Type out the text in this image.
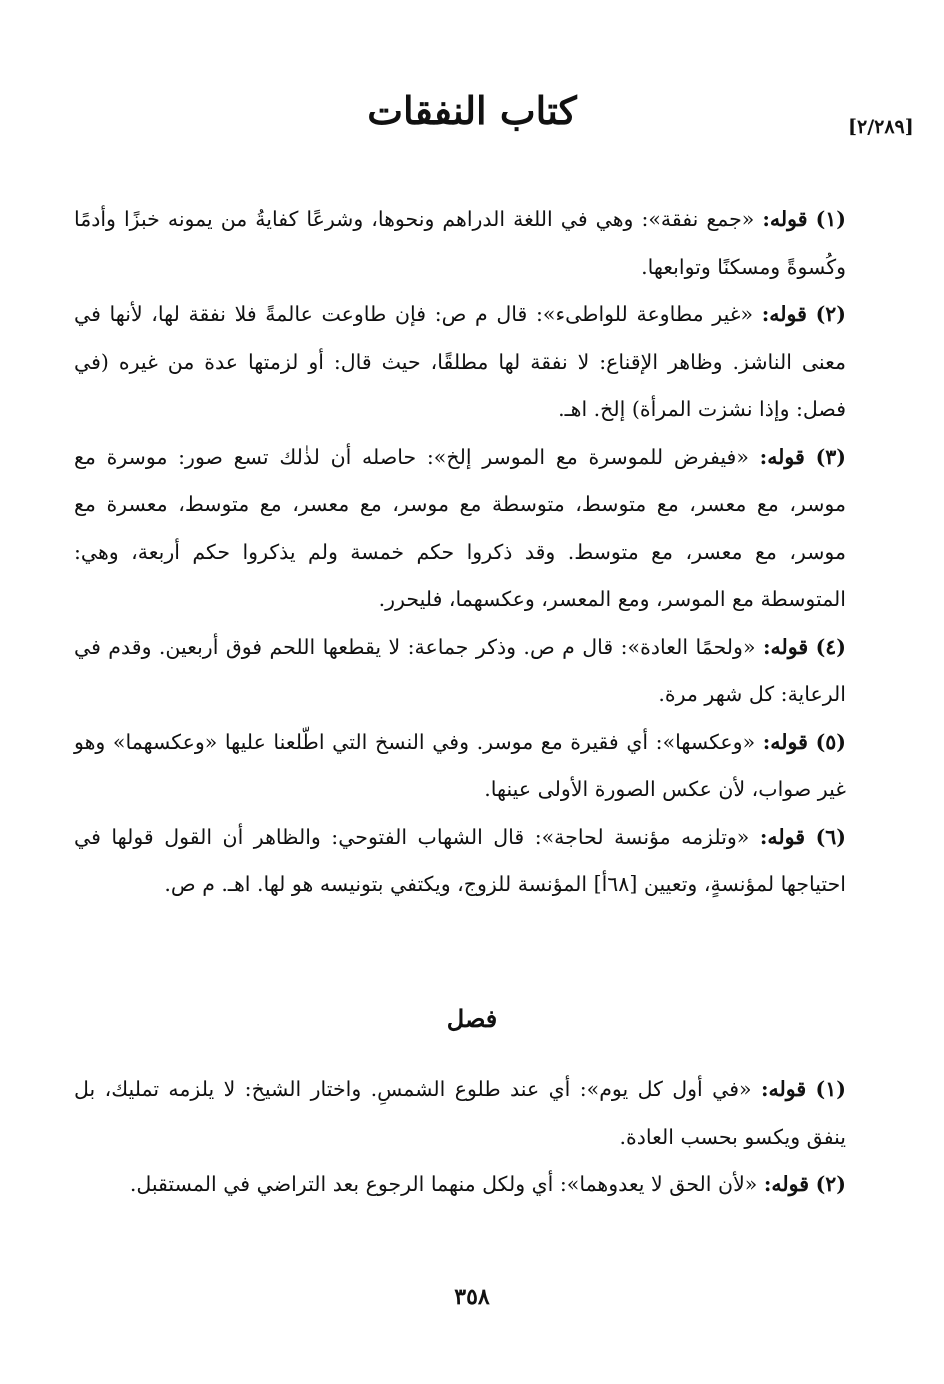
[٢/٢٨٩]
كتاب النفقات

(١) قوله: «جمع نفقة»: وهي في اللغة الدراهم ونحوها، وشرعًا كفايةُ من يمونه خبزًا وأدمًا وكُسوةً ومسكنًا وتوابعها.

(٢) قوله: «غير مطاوعة للواطىء»: قال م ص: فإن طاوعت عالمةً فلا نفقة لها، لأنها في معنى الناشز. وظاهر الإقناع: لا نفقة لها مطلقًا، حيث قال: أو لزمتها عدة من غيره (في فصل: وإذا نشزت المرأة) إلخ. اهـ.

(٣) قوله: «فيفرض للموسرة مع الموسر إلخ»: حاصله أن لذٰلك تسع صور: موسرة مع موسر، مع معسر، مع متوسط، متوسطة مع موسر، مع معسر، مع متوسط، معسرة مع موسر، مع معسر، مع متوسط. وقد ذكروا حكم خمسة ولم يذكروا حكم أربعة، وهي: المتوسطة مع الموسر، ومع المعسر، وعكسهما، فليحرر.

(٤) قوله: «ولحمًا العادة»: قال م ص. وذكر جماعة: لا يقطعها اللحم فوق أربعين. وقدم في الرعاية: كل شهر مرة.

(٥) قوله: «وعكسها»: أي فقيرة مع موسر. وفي النسخ التي اطّلعنا عليها «وعكسهما» وهو غير صواب، لأن عكس الصورة الأولى عينها.

(٦) قوله: «وتلزمه مؤنسة لحاجة»: قال الشهاب الفتوحي: والظاهر أن القول قولها في احتياجها لمؤنسةٍ، وتعيين [٦٨أ] المؤنسة للزوج، ويكتفي بتونيسه هو لها. اهـ. م ص.

فصل

(١) قوله: «في أول كل يوم»: أي عند طلوع الشمسِ. واختار الشيخ: لا يلزمه تمليك، بل ينفق ويكسو بحسب العادة.

(٢) قوله: «لأن الحق لا يعدوهما»: أي ولكل منهما الرجوع بعد التراضي في المستقبل.

٣٥٨
